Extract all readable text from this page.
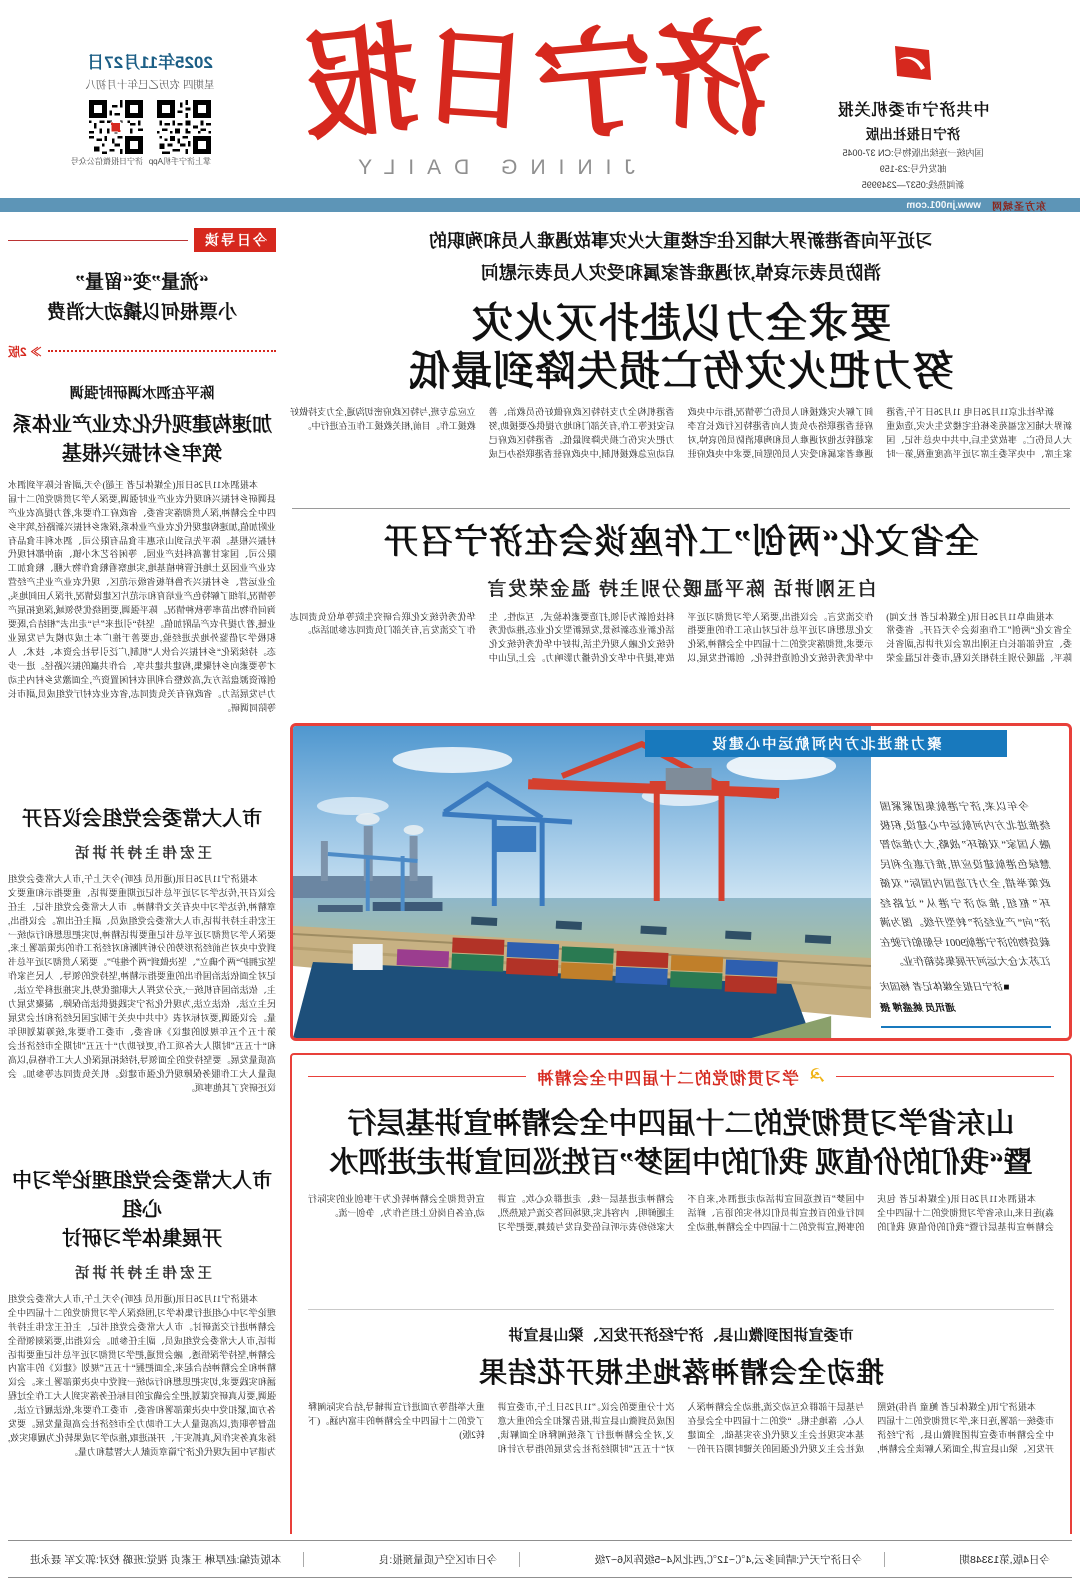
中共济宁市委机关报
济宁日报社出版
国内统一连续出版物号:CN 37-0045
邮发代号:23-159
新闻热线:0537—2349995
济宁日报
JINING DAILY
2025年11月27日
星期四 农历乙巳年十月初八
掌上济宁手机App
济宁日报微信公众号
东方圣城网
www.jn001.com
习近平向香港新界大埔区住宅楼重大火灾事故遇难人员和殉职的
消防员表示哀悼,对遇难者家属和受灾人员表示慰问
要求全力以赴扑灭火灾
努力把火灾伤亡损失降到最低

新华社北京11月26日电 11月26日下午,香港新界大埔区宏福苑多栋住宅楼发生火灾,造成重大人员伤亡。事故发生后,中共中央总书记、国家主席、中央军委主席习近平高度重视,第一时间了解火灾救援和人员伤亡等情况,指示中央政府驻香港联络办负责人向香港特区行政长官李家超转达他对遇难人员和殉职消防员的哀悼,对遇难者家属和受灾人员的慰问,要求中央政府驻香港机构全力支持特区政府做好伤员救治、善后安抚等工作,有关部门和地方提供必要援助,努力把火灾伤亡损失降到最低。香港特区政府已启动应急救援机制,中央政府驻香港联络办已成立应急专班,与特区政府密切沟通,全力支持做好救援工作。目前,相关救援工作正在进行中。

全省文化“两创”工作座谈会在济宁召开
白玉刚讲话 陈平温暖分别主持 温金荣发言

本报曲阜11月26日讯(全媒体记者 杜文闻)全省文化“两创”工作座谈会今天召开。省委常委、宣传部部长白玉刚出席会议并讲话,副省长陈平、温暖分别主持相关议程,市委书记温金荣作交流发言。会议指出,要深入学习贯彻习近平文化思想和习近平总书记对山东工作的重要指示要求,贯彻落实党的二十届四中全会精神,深化中华优秀传统文化创造性转化、创新性发展,以科技创新为引领,打造要素体验式、互动性、生活化新业态新场景,发展新型文化业态,推动优秀传统文化融入现代生活,讲好中华优秀传统文化故事,提升中华文化传播力影响力。会上,尼山中华优秀传统文化联合研究生院等单位负责同志作了交流发言,有关部门负责同志参加活动。

聚力推进北方内河航运中心建设
今年以来,济宁港航集团紧紧围绕推进北方内河航运中心建设,积极融入国家“双循环”战略,大力推动智慧绿色港航建设应用,推行惠企利民政策举措,全力打造国内国际“双循环”枢纽,推动济宁港从“过路经济”向“产业经济”转型升级。图为满载货物的济宁港航9001号船舶行驶在江苏太仓大运河开展集装箱作业。
■济宁日报全媒体记者 杨国庆
通讯员 姚盛博 摄
☭
学习贯彻党的二十届四中全会精神
山东省学习贯彻党的二十届四中全会精神宣讲基层行
暨“我们的价值观 我们的中国梦”百姓巡回宣讲走进泗水

本报泗水11月26日讯(全媒体记者 包庆淼)连日来,山东省学习贯彻党的二十届四中全会精神宣讲基层行暨“我们的价值观 我们的中国梦”百姓巡回宣讲活动走进泗水,来自不同行业的百姓宣讲员们以朴实的语言、鲜活的事例,宣讲党的二十届四中全会精神,推动全会精神走进基层一线、走进群众心坎。宣讲主题鲜明、内容扎实,现场回答交流气氛热烈,大家纷纷表示听后倍受启发与鼓舞,要把学习宣传贯彻全会精神转化为干事创业的实际行动,在各自岗位上担当作为、争创一流。

市委宣讲团到微山县、济宁经济开发区、梁山县宣讲
推动全会精神落地生根开花结果

本报济宁讯(全媒体记者 鲍童 肖伟)按照市委统一部署,连日来,学习贯彻党的二十届四中全会精神市委宣讲团到微山县、济宁经济开发区、梁山县宣讲,全面深入解读全会精神,与基层干部群众互动交流,推动全会精神深入人心、落地生根。“党的二十届四中全会是在基本实现社会主义现代化夯实基础、全面建成社会主义现代化强国的关键时期召开的一次十分重要的会议。”11月25日上午,市委宣讲团成员到微山县宣讲,报告紧扣全会的重大意义,对全会精神进行了系统阐释和全面解读,对“十五五”时期经济社会发展的指导方针和重大举措等方面进行宣讲辅导,结合实际阐释了党的二十届四中全会精神的丰富内涵。(下转2版)

今日导读
“流量”变“留量”
小票根何以撬动大消费
≫ 2版
陈平在泗水调研时强调
加速构建现代化农业产业体系
筑牢乡村振兴根基

本报泗水11月26日讯(全媒体记者 王超)今天,副省长陈平到泗水县调研乡村振兴和现代农业产业时强调,要深入学习贯彻党的二十届四中全会精神,深入贯彻落实省委、省政府工作要求,着力提高农业产业附加值,加速构建现代化农业产业体系,探索乡村振兴新路径,筑牢乡村振兴根基。陈平先后到山东惠丰食品有限公司、泗水利丰食品有限公司、国家甘薯高科技产业园、等闲谷艺术小镇、南仲都村现代农业产业园及土地托管种植基地,实地察看粮食作物大棚、粮食加工企业运营、乡村振兴齐鲁样板省级示范区、现代农业产业生产经营等情况,详细了解特色产业培育和示范片区建设情况,并深入田间地头,询问作物出苗率等秋种情况。陈平强调,要围绕优势领域,深度拓展产业链,着力提升农产品附加值。坚持“引进来”与“走出去”相结合,既要积极学习借鉴外地先进经验,也要善于推广本土成功模式与发展业态。持续深化“乡村振兴合伙人”机制,广泛引导社会资本、技术、人才等要素向乡村聚集,构建共建共享、合作共赢的振兴路径。进一步创新资源盘活方式,高效整合利用农村闲置资产,全面激发乡村内生动力与发展活力。省政府有关负责同志,省农业农村厅党组成员,副市长等陪同调研。

市人大常委会党组会议召开
王宏伟主持并讲话

本报济宁11月26日讯(通讯员 赵昕)今天上午,市人大常委会党组会议召开,传达学习习近平总书记近期重要讲话、重要指示和重要文章精神,传达学习中央有关文件精神。市人大常委会党组书记、主任王宏伟主持并讲话,市人大常委会党组成员、副主任出席。会议指出,要深入学习贯彻习近平总书记重要讲话精神,切实把思想和行动统一到党中央对当前经济形势的分析判断和对经济工作的决策部署上来,坚定拥护“两个确立”、坚决做到“两个维护”。要深入贯彻习近平总书记对全面依法治国作出的重要指示精神,坚持党的领导、人民当家作主、依法治国有机统一,充分发挥人大职能优势,扎实推进科学立法、民主立法、依法立法,为现代化济宁实践提供法治保障、凝聚发展力量。会议强调,要对标对表《中共中央关于制定国民经济和社会发展第十五个五年规划的建议》和省委、市委工作要求,统筹谋划明年和“十五五”时期人大各项工作,更好助力“十五五”时期全市经济社会高质量发展。要坚持党的全面领导,持续拓展深化人大工作格局,以高质量人大工作服务保障现代化强市建设。机关负责同志等参加。会议还研究了其他事项。

市人大常委会党组理论学习中心组
开展集体学习研讨
王宏伟主持并讲话

本报济宁11月26日讯(通讯员 赵昕)今天上午,市人大常委会党组理论学习中心组进行集体学习,围绕深入学习贯彻党的二十届四中全会精神进行交流研讨。市人大常委会党组书记、主任王宏伟主持并讲话,市人大常委会党组成员、副主任参加。会议指出,要深刻领悟全会精神,坚持学深悟透、融会贯通,把学习贯彻习近平总书记重要讲话精神和全会精神结合起来,全面把握“十五五”规划《建议》的丰富内涵和实践要求,切实把思想和行动统一到党中央决策部署上来。会议强调,要认真研究谋划,把全会确定的目标任务落实到人大工作全过程各方面,紧扣党中央决策部署和省委、市委工作要求,依法履行立法、监督等职责,以高质量人大工作助力全市经济社会高质量发展。要发扬求真务实作风,真抓实干、开拓进取,推动学习成果转化为履职实效,为谱写中国式现代化济宁篇章贡献人大智慧和力量。

今日4版,第13348期
今日济宁天气:晴间多云,4℃~12℃,西北风4~5级阵风6~7级
今日市区空气质量预报:良
本版责编:赵厚琳 王素贞 视觉:班璐 校对:郭文军 聂永进
